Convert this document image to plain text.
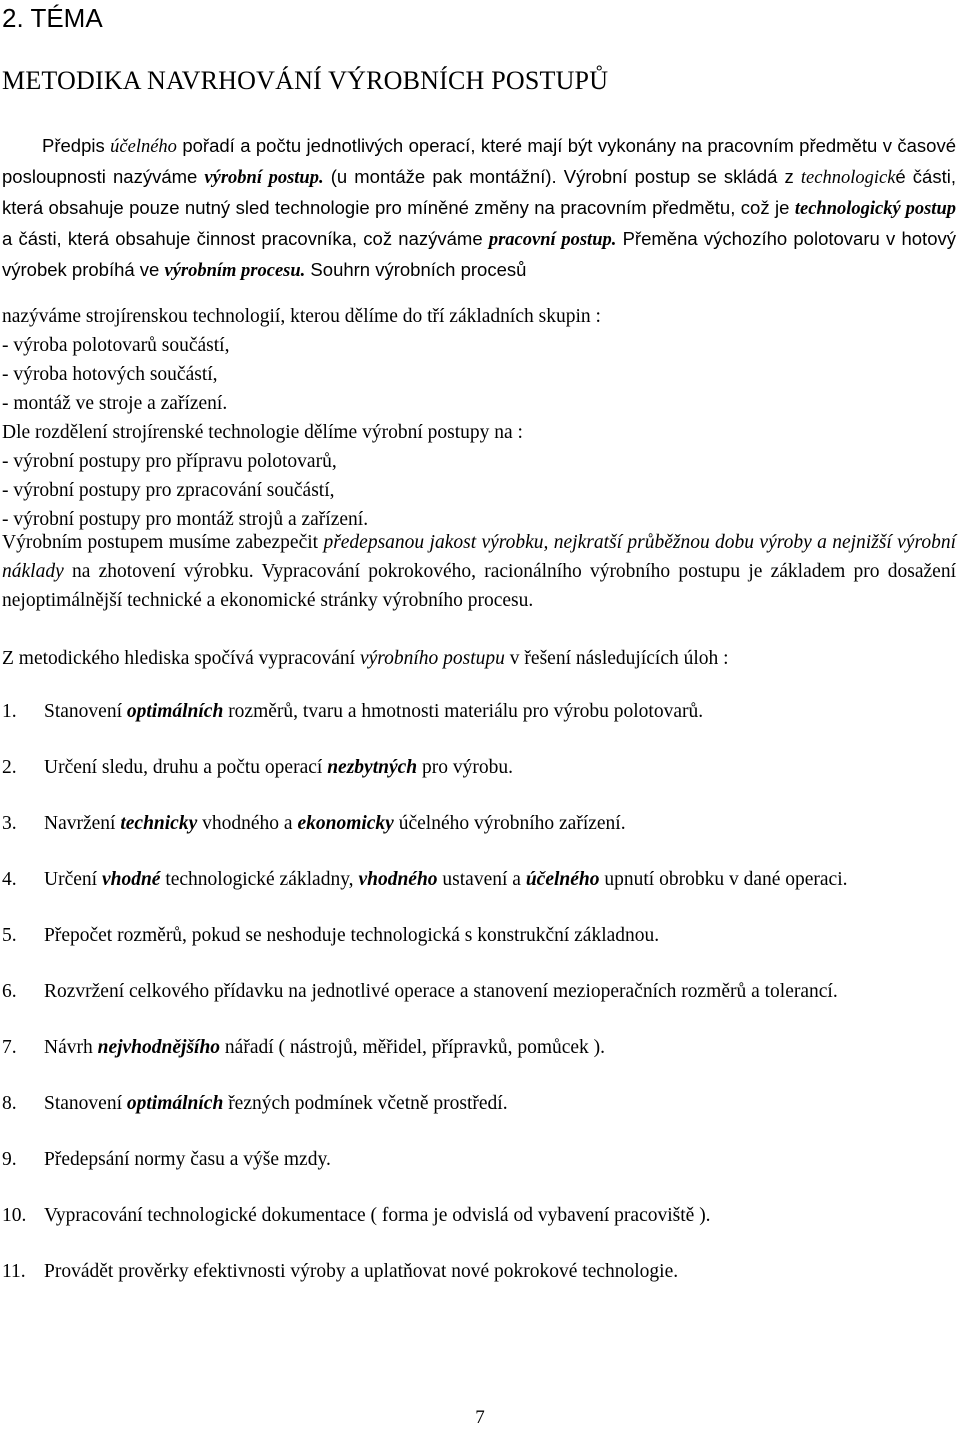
2. TÉMA
METODIKA NAVRHOVÁNÍ VÝROBNÍCH POSTUPŮ

Předpis účelného pořadí a počtu jednotlivých operací, které mají být vykonány na pracovním předmětu v časové posloupnosti nazýváme výrobní postup. (u montáže pak montážní). Výrobní postup se skládá z technologické části, která obsahuje pouze nutný sled technologie pro míněné změny na pracovním předmětu, což je technologický postup a části, která obsahuje činnost pracovníka, což nazýváme pracovní postup. Přeměna výchozího polotovaru v hotový výrobek probíhá ve výrobním procesu. Souhrn výrobních procesů

nazýváme strojírenskou technologií, kterou dělíme do tří základních skupin :
- výroba polotovarů součástí,
- výroba hotových součástí,
- montáž ve stroje a zařízení.
Dle rozdělení strojírenské technologie dělíme výrobní postupy na :
- výrobní postupy pro přípravu polotovarů,
- výrobní postupy pro zpracování součástí,
- výrobní postupy pro montáž strojů a zařízení.

Výrobním postupem musíme zabezpečit předepsanou jakost výrobku, nejkratší průběžnou dobu výroby a nejnižší výrobní náklady na zhotovení výrobku. Vypracování pokrokového, racionálního výrobního postupu je základem pro dosažení nejoptimálnější technické a ekonomické stránky výrobního procesu.

Z metodického hlediska spočívá vypracování výrobního postupu v řešení následujících úloh :

1.	Stanovení optimálních rozměrů, tvaru a hmotnosti materiálu pro výrobu polotovarů.
2.	Určení sledu, druhu a počtu operací nezbytných pro výrobu.
3.	Navržení technicky vhodného a ekonomicky účelného výrobního zařízení.
4.	Určení vhodné technologické základny, vhodného ustavení a účelného upnutí obrobku v dané operaci.
5.	Přepočet rozměrů, pokud se neshoduje technologická s konstrukční základnou.
6.	Rozvržení celkového přídavku na jednotlivé operace a stanovení mezioperačních rozměrů a tolerancí.
7.	Návrh nejvhodnějšího nářadí ( nástrojů, měřidel, přípravků, pomůcek ).
8.	Stanovení optimálních řezných podmínek včetně prostředí.
9.	Předepsání normy času a výše mzdy.
10. Vypracování technologické dokumentace ( forma je odvislá od vybavení pracoviště ).
11. Provádět prověrky efektivnosti výroby a uplatňovat nové pokrokové technologie.
7
